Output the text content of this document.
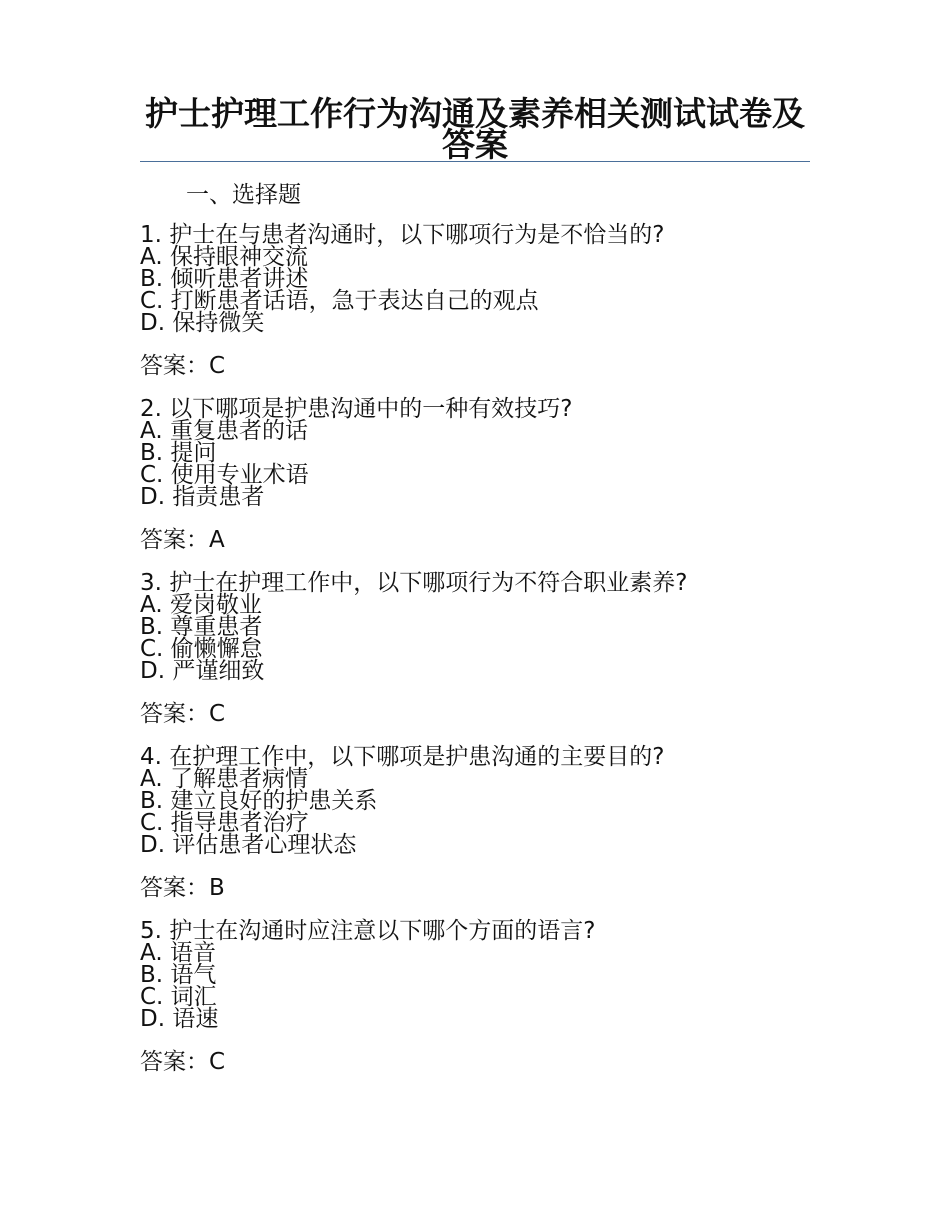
护士护理工作行为沟通及素养相关测试试卷及答案
一、选择题
1. 护士在与患者沟通时，以下哪项行为是不恰当的?
A. 保持眼神交流
B. 倾听患者讲述
C. 打断患者话语，急于表达自己的观点
D. 保持微笑
答案：C
2. 以下哪项是护患沟通中的一种有效技巧?
A. 重复患者的话
B. 提问
C. 使用专业术语
D. 指责患者
答案：A
3. 护士在护理工作中，以下哪项行为不符合职业素养?
A. 爱岗敬业
B. 尊重患者
C. 偷懒懈怠
D. 严谨细致
答案：C
4. 在护理工作中，以下哪项是护患沟通的主要目的?
A. 了解患者病情
B. 建立良好的护患关系
C. 指导患者治疗
D. 评估患者心理状态
答案：B
5. 护士在沟通时应注意以下哪个方面的语言?
A. 语音
B. 语气
C. 词汇
D. 语速
答案：C
